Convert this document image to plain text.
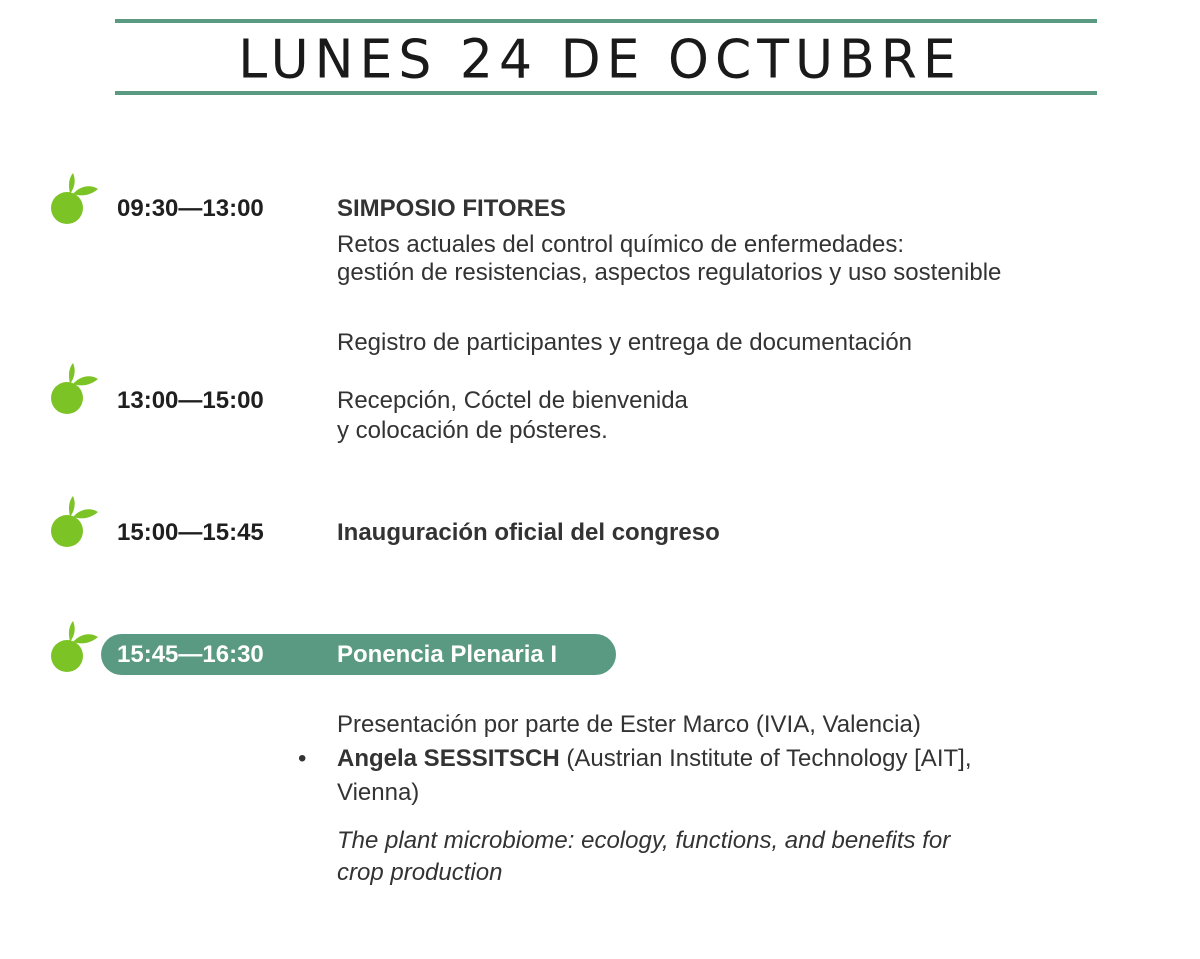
LUNES 24 DE OCTUBRE
09:30—13:00	SIMPOSIO FITORES
Retos actuales del control químico de enfermedades:
gestión de resistencias, aspectos regulatorios y uso sostenible
Registro de participantes y entrega de documentación
13:00—15:00	Recepción, Cóctel de bienvenida
y colocación de pósteres.
15:00—15:45	Inauguración oficial del congreso
15:45—16:30	Ponencia Plenaria I
Presentación por parte de Ester Marco (IVIA, Valencia)
• Angela SESSITSCH (Austrian Institute of Technology [AIT],
Vienna)
The plant microbiome: ecology, functions, and benefits for
crop production
